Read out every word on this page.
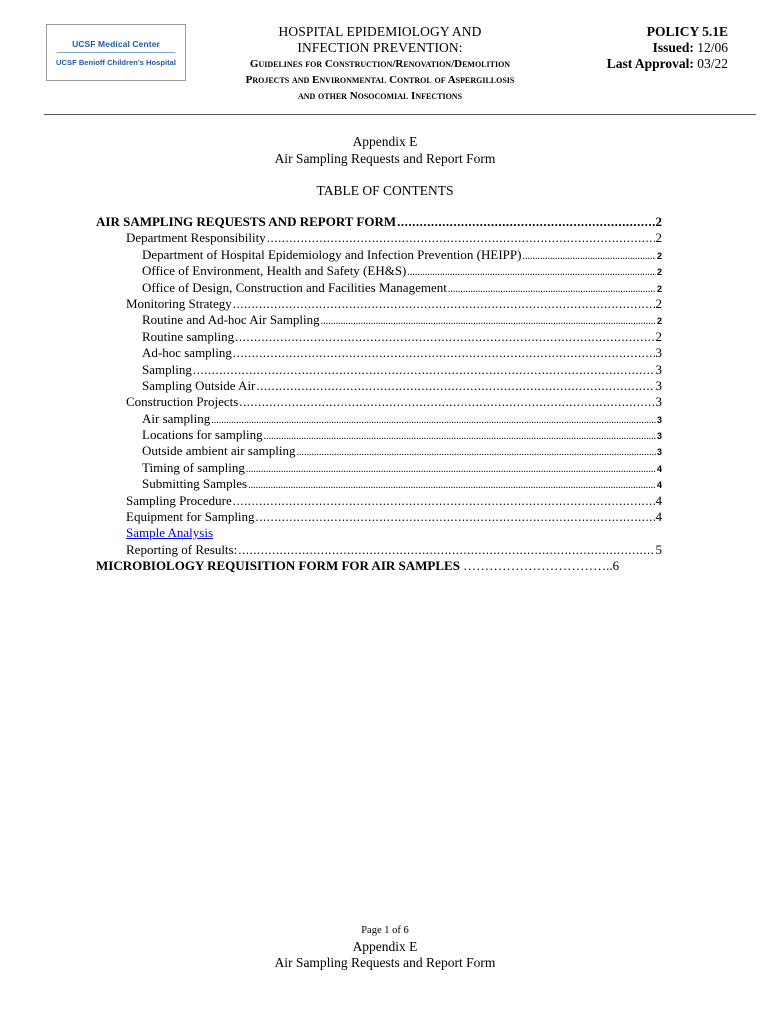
UCSF Medical Center
UCSF Benioff Children's Hospital
HOSPITAL EPIDEMIOLOGY AND
INFECTION PREVENTION:
Guidelines for Construction/Renovation/Demolition
Projects and Environmental Control of Aspergillosis
and other Nosocomial Infections
POLICY 5.1E
Issued: 12/06
Last Approval: 03/22
Appendix E
Air Sampling Requests and Report Form
TABLE OF CONTENTS
AIR SAMPLING REQUESTS AND REPORT FORM .....	2
Department Responsibility .....	2
Department of Hospital Epidemiology and Infection Prevention (HEIPP) .....	2
Office of Environment, Health and Safety (EH&S) .....	2
Office of Design, Construction and Facilities Management .....	2
Monitoring Strategy .....	2
Routine and Ad-hoc Air Sampling .....	2
Routine sampling .....	2
Ad-hoc sampling .....	3
Sampling .....	3
Sampling Outside Air .....	3
Construction Projects .....	3
Air sampling .....	3
Locations for sampling .....	3
Outside ambient air sampling .....	3
Timing of sampling .....	4
Submitting Samples .....	4
Sampling Procedure .....	4
Equipment for Sampling .....	4
Sample Analysis
Reporting of Results: .....	5
MICROBIOLOGY REQUISITION FORM FOR AIR SAMPLES ……………………………..6
Page 1 of 6
Appendix E
Air Sampling Requests and Report Form
